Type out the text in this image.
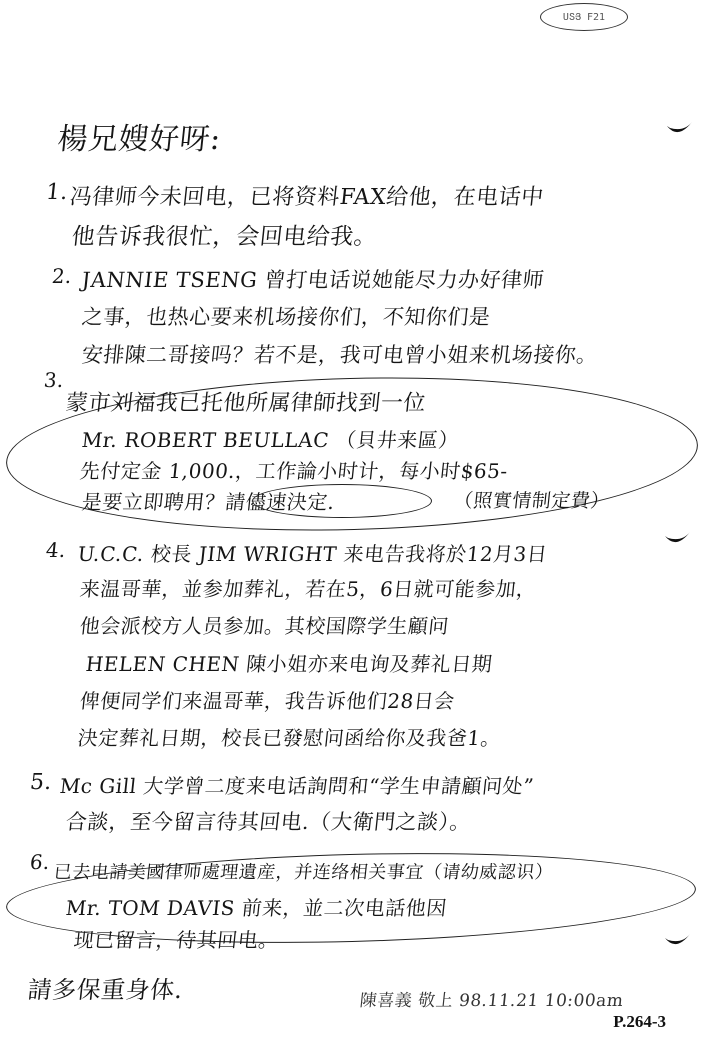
ՍՏՅ F21
楊兄嫂好呀:
1. 冯律师今未回电，已将资料FAX给他，在电话中
他告诉我很忙，会回电给我。
2. JANNIE TSENG 曾打电话说她能尽力办好律师
之事，也热心要来机场接你们，不知你们是
安排陳二哥接吗？若不是，我可电曾小姐来机场接你。
3.
蒙市刘福我已托他所属律師找到一位
Mr. ROBERT BEULLAC （貝井来區）
先付定金 1,000.，工作論小时计，每小时$65-
是要立即聘用？請儘速決定.	（照實情制定費）
4. U.C.C. 校長 JIM WRIGHT 来电告我将於12月3日
来温哥華，並参加葬礼，若在5，6日就可能参加，
他会派校方人员参加。其校国際学生顧问
HELEN CHEN 陳小姐亦来电询及葬礼日期
俾便同学们来温哥華，我告诉他们28日会
決定葬礼日期，校長已發慰问函给你及我爸1。
5. Mc Gill 大学曾二度来电话詢問和“学生申請顧问处”
合談，至今留言待其回电.（大衛門之談）。
6. 已去电請美國律师處理遺産，并连络相关事宜（请幼威認识）
Mr. TOM DAVIS 前来，並二次电話他因
现已留言，待其回电。
請多保重身体.	陳喜義 敬上 98.11.21 10:00am
P.264-3
